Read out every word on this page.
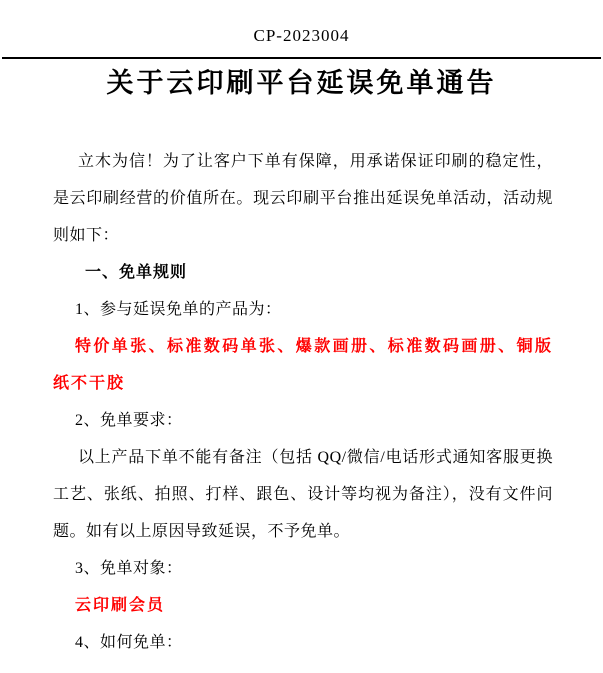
CP-2023004
关于云印刷平台延误免单通告

立木为信！为了让客户下单有保障，用承诺保证印刷的稳定性，是云印刷经营的价值所在。现云印刷平台推出延误免单活动，活动规则如下：

一、免单规则

1、参与延误免单的产品为：

特价单张、标准数码单张、爆款画册、标准数码画册、铜版纸不干胶

2、免单要求：

以上产品下单不能有备注（包括 QQ/微信/电话形式通知客服更换工艺、张纸、拍照、打样、跟色、设计等均视为备注），没有文件问题。如有以上原因导致延误，不予免单。

3、免单对象：

云印刷会员

4、如何免单：
